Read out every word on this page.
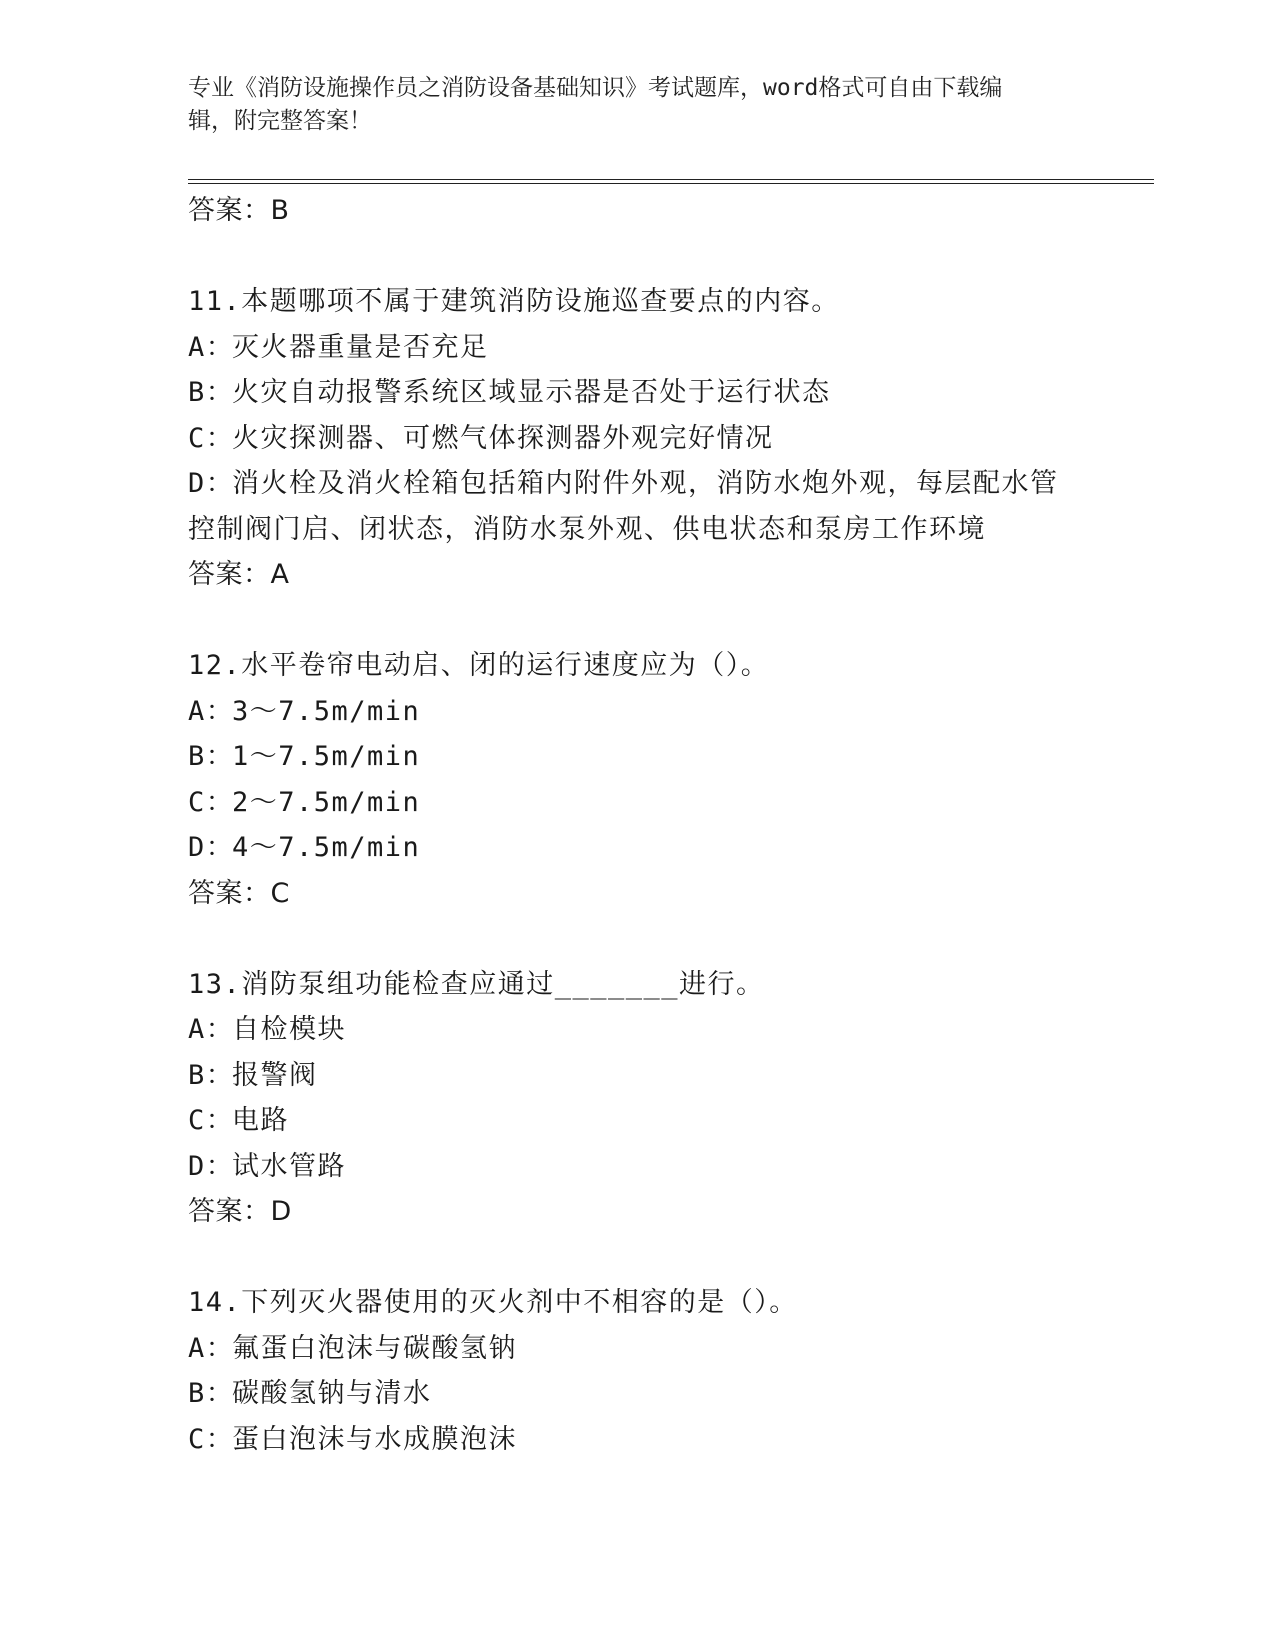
专业《消防设施操作员之消防设备基础知识》考试题库，word格式可自由下载编
辑，附完整答案！
答案：B
11.本题哪项不属于建筑消防设施巡查要点的内容。
A：灭火器重量是否充足
B：火灾自动报警系统区域显示器是否处于运行状态
C：火灾探测器、可燃气体探测器外观完好情况
D：消火栓及消火栓箱包括箱内附件外观，消防水炮外观，每层配水管
控制阀门启、闭状态，消防水泵外观、供电状态和泵房工作环境
答案：A
12.水平卷帘电动启、闭的运行速度应为（）。
A：3～7.5m/min
B：1～7.5m/min
C：2～7.5m/min
D：4～7.5m/min
答案：C
13.消防泵组功能检查应通过_______进行。
A：自检模块
B：报警阀
C：电路
D：试水管路
答案：D
14.下列灭火器使用的灭火剂中不相容的是（）。
A：氟蛋白泡沫与碳酸氢钠
B：碳酸氢钠与清水
C：蛋白泡沫与水成膜泡沫
